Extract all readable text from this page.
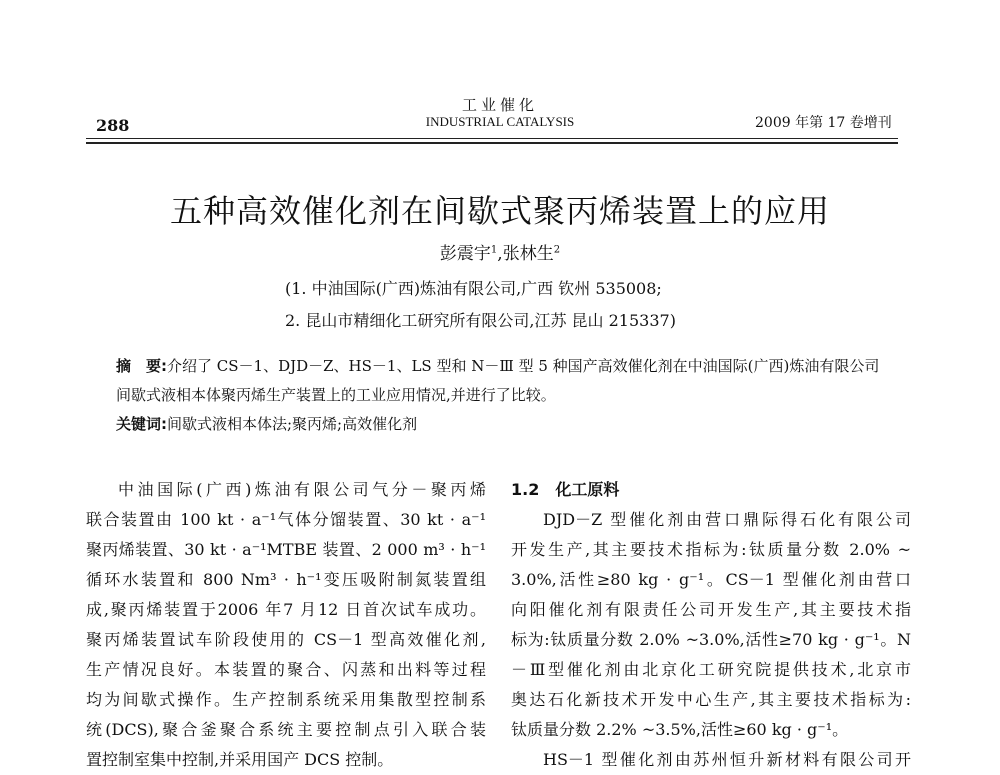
288
工业催化
INDUSTRIAL CATALYSIS	2009 年第 17 卷增刊
五种高效催化剂在间歇式聚丙烯装置上的应用
彭震宇$^1$,张林生$^2$
(1. 中油国际(广西)炼油有限公司,广西 钦州 535008;
2. 昆山市精细化工研究所有限公司,江苏 昆山 215337)
摘　要:介绍了 CS－1、DJD－Z、HS－1、LS 型和 N－Ⅲ 型 5 种国产高效催化剂在中油国际(广西)炼油有限公司间歇式液相本体聚丙烯生产装置上的工业应用情况,并进行了比较。
关键词:间歇式液相本体法;聚丙烯;高效催化剂

中油国际(广西)炼油有限公司气分－聚丙烯

联合装置由 100 kt · a⁻¹气体分馏装置、30 kt · a⁻¹

聚丙烯装置、30 kt · a⁻¹MTBE 装置、2 000 m³ · h⁻¹

循环水装置和 800 Nm³ · h⁻¹变压吸附制氮装置组

成,聚丙烯装置于2006 年7 月12 日首次试车成功。

聚丙烯装置试车阶段使用的 CS－1 型高效催化剂,

生产情况良好。本装置的聚合、闪蒸和出料等过程

均为间歇式操作。生产控制系统采用集散型控制系

统(DCS),聚合釜聚合系统主要控制点引入联合装

置控制室集中控制,并采用国产 DCS 控制。

1.2　化工原料

DJD－Z 型催化剂由营口鼎际得石化有限公司

开发生产,其主要技术指标为:钛质量分数 2.0% ~

3.0%,活性≥80 kg · g⁻¹。CS－1 型催化剂由营口

向阳催化剂有限责任公司开发生产,其主要技术指

标为:钛质量分数 2.0% ~3.0%,活性≥70 kg · g⁻¹。N

－Ⅲ型催化剂由北京化工研究院提供技术,北京市

奥达石化新技术开发中心生产,其主要技术指标为:

钛质量分数 2.2% ~3.5%,活性≥60 kg · g⁻¹。

HS－1 型催化剂由苏州恒升新材料有限公司开
